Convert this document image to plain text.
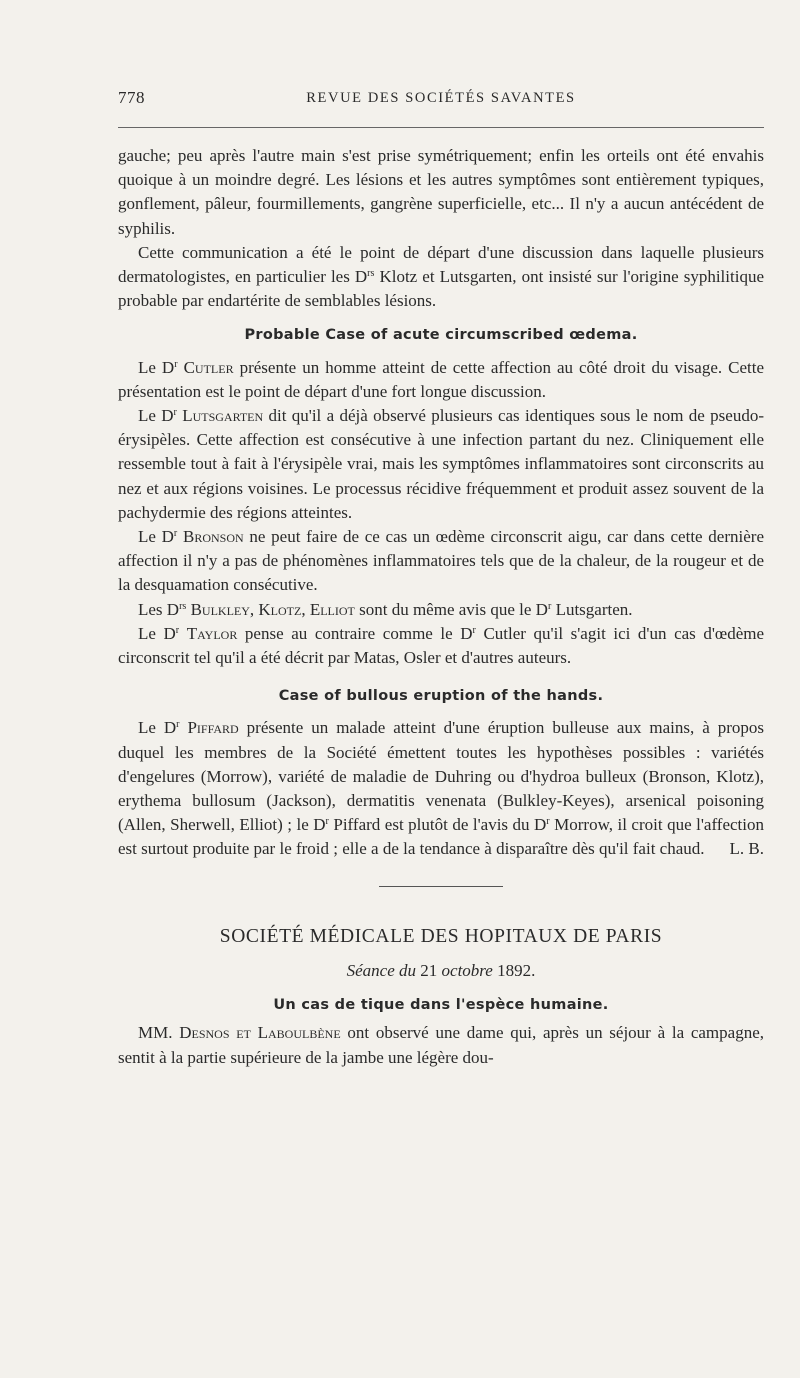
778	REVUE DES SOCIÉTÉS SAVANTES

gauche; peu après l'autre main s'est prise symétriquement; enfin les orteils ont été envahis quoique à un moindre degré. Les lésions et les autres symptômes sont entièrement typiques, gonflement, pâleur, fourmillements, gangrène superficielle, etc... Il n'y a aucun antécédent de syphilis.

Cette communication a été le point de départ d'une discussion dans laquelle plusieurs dermatologistes, en particulier les $D^{rs}$ Klotz et Lutsgarten, ont insisté sur l'origine syphilitique probable par endartérite de semblables lésions.

Probable Case of acute circumscribed œdema.

Le $D^r$ Cutler présente un homme atteint de cette affection au côté droit du visage. Cette présentation est le point de départ d'une fort longue discussion.

Le $D^r$ Lutsgarten dit qu'il a déjà observé plusieurs cas identiques sous le nom de pseudo-érysipèles. Cette affection est consécutive à une infection partant du nez. Cliniquement elle ressemble tout à fait à l'érysipèle vrai, mais les symptômes inflammatoires sont circonscrits au nez et aux régions voisines. Le processus récidive fréquemment et produit assez souvent de la pachydermie des régions atteintes.

Le $D^r$ Bronson ne peut faire de ce cas un œdème circonscrit aigu, car dans cette dernière affection il n'y a pas de phénomènes inflammatoires tels que de la chaleur, de la rougeur et de la desquamation consécutive.

Les $D^{rs}$ Bulkley, Klotz, Elliot sont du même avis que le $D^r$ Lutsgarten.

Le $D^r$ Taylor pense au contraire comme le $D^r$ Cutler qu'il s'agit ici d'un cas d'œdème circonscrit tel qu'il a été décrit par Matas, Osler et d'autres auteurs.

Case of bullous eruption of the hands.

Le $D^r$ Piffard présente un malade atteint d'une éruption bulleuse aux mains, à propos duquel les membres de la Société émettent toutes les hypothèses possibles : variétés d'engelures (Morrow), variété de maladie de Duhring ou d'hydroa bulleux (Bronson, Klotz), erythema bullosum (Jackson), dermatitis venenata (Bulkley-Keyes), arsenical poisoning (Allen, Sherwell, Elliot) ; le $D^r$ Piffard est plutôt de l'avis du $D^r$ Morrow, il croit que l'affection est surtout produite par le froid ; elle a de la tendance à disparaître dès qu'il fait chaud.	L. B.

SOCIÉTÉ MÉDICALE DES HOPITAUX DE PARIS
Séance du 21 octobre 1892.
Un cas de tique dans l'espèce humaine.

MM. Desnos et Laboulbène ont observé une dame qui, après un séjour à la campagne, sentit à la partie supérieure de la jambe une légère dou-
